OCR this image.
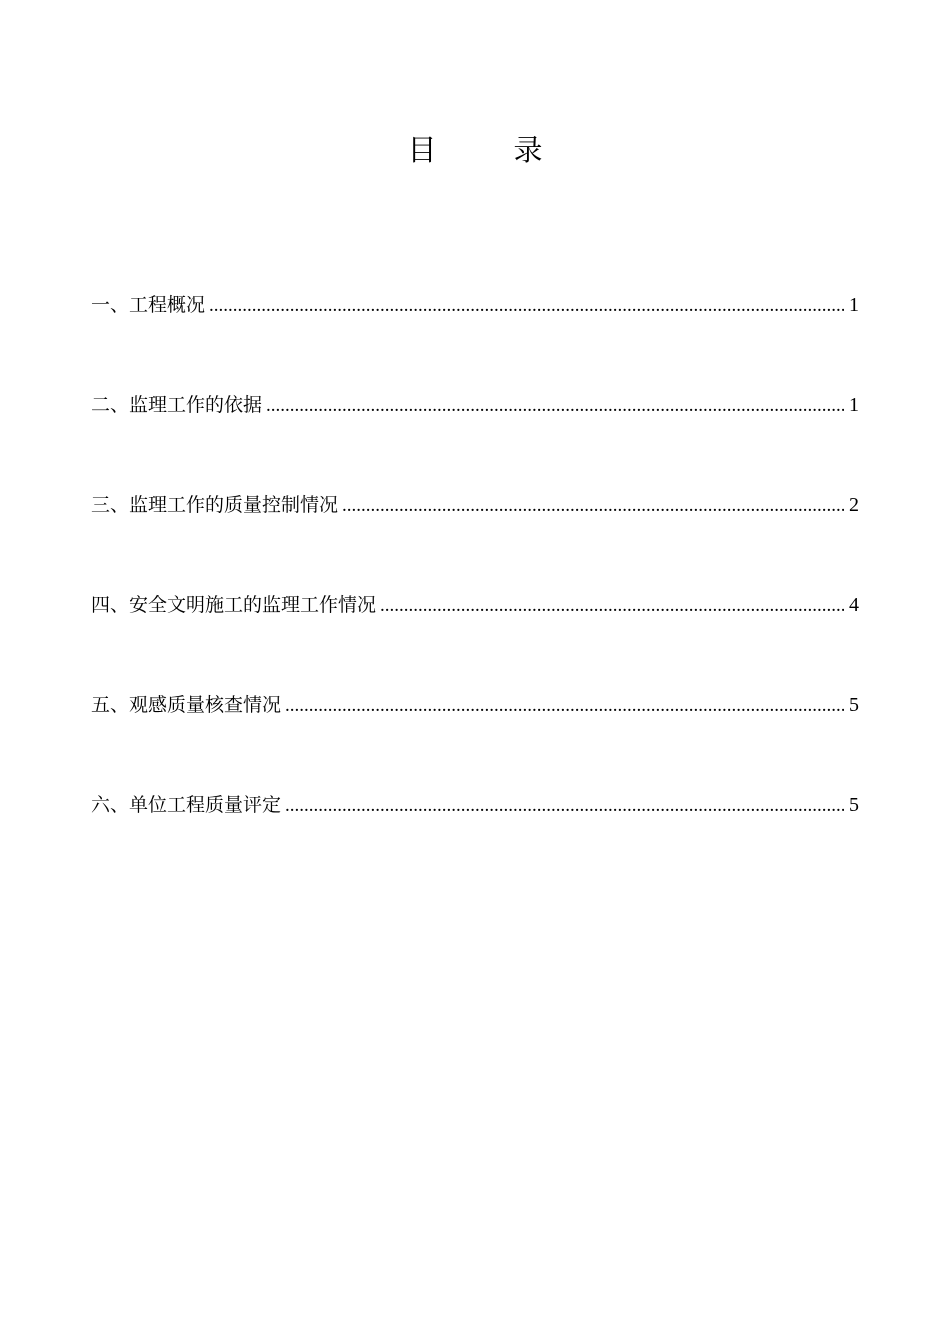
目　录
一、工程概况 .....	1
二、监理工作的依据 .....	1
三、监理工作的质量控制情况 .....	2
四、安全文明施工的监理工作情况 .....	4
五、观感质量核查情况 .....	5
六、单位工程质量评定 .....	5
